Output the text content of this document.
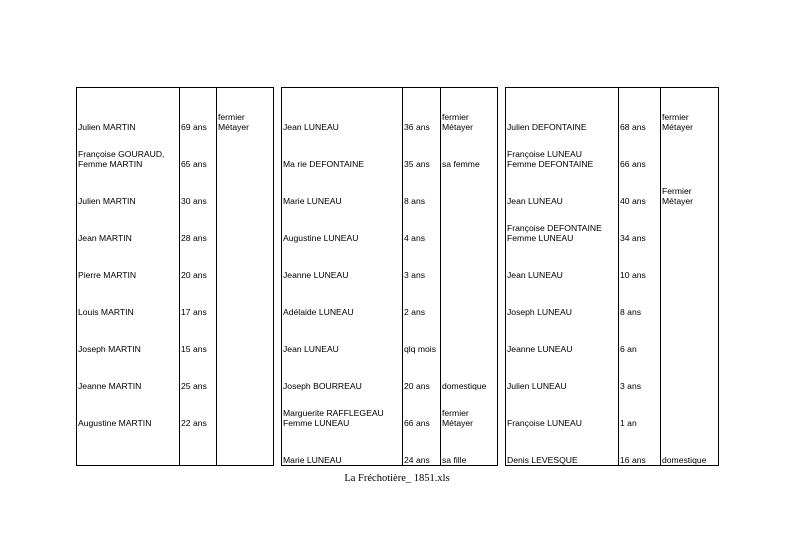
Julien MARTIN	69 ans	fermier
Métayer

Françoise GOURAUD,
Femme MARTIN	65 ans	

Julien MARTIN	30 ans	

Jean MARTIN	28 ans	

Pierre MARTIN	20 ans	

Louis MARTIN	17 ans	

Joseph MARTIN	15 ans	

Jeanne MARTIN	25 ans	

Augustine MARTIN	22 ans	

Jean LUNEAU	36 ans	fermier
Métayer

Ma rie DEFONTAINE	35 ans	sa femme

Marie LUNEAU	8 ans	

Augustine LUNEAU	4 ans	

Jeanne LUNEAU	3 ans	

Adélaide LUNEAU	2 ans	

Jean LUNEAU	qlq mois	

Joseph BOURREAU	20 ans	domestique

Marguerite RAFFLEGEAU
Femme LUNEAU	66 ans	fermier
Métayer

Marie LUNEAU	24 ans	sa fille
Julien DEFONTAINE	68 ans	fermier
Métayer

Françoise LUNEAU
Femme DEFONTAINE	66 ans	

Jean LUNEAU	40 ans	Fermier
Métayer

Françoise DEFONTAINE
Femme LUNEAU	34 ans	

Jean LUNEAU	10 ans	

Joseph LUNEAU	8 ans	

Jeanne LUNEAU	6 an	

Julien LUNEAU	3 ans	

Françoise LUNEAU	1 an	

Denis LEVESQUE	16 ans	domestique
La Fréchotière_ 1851.xls
